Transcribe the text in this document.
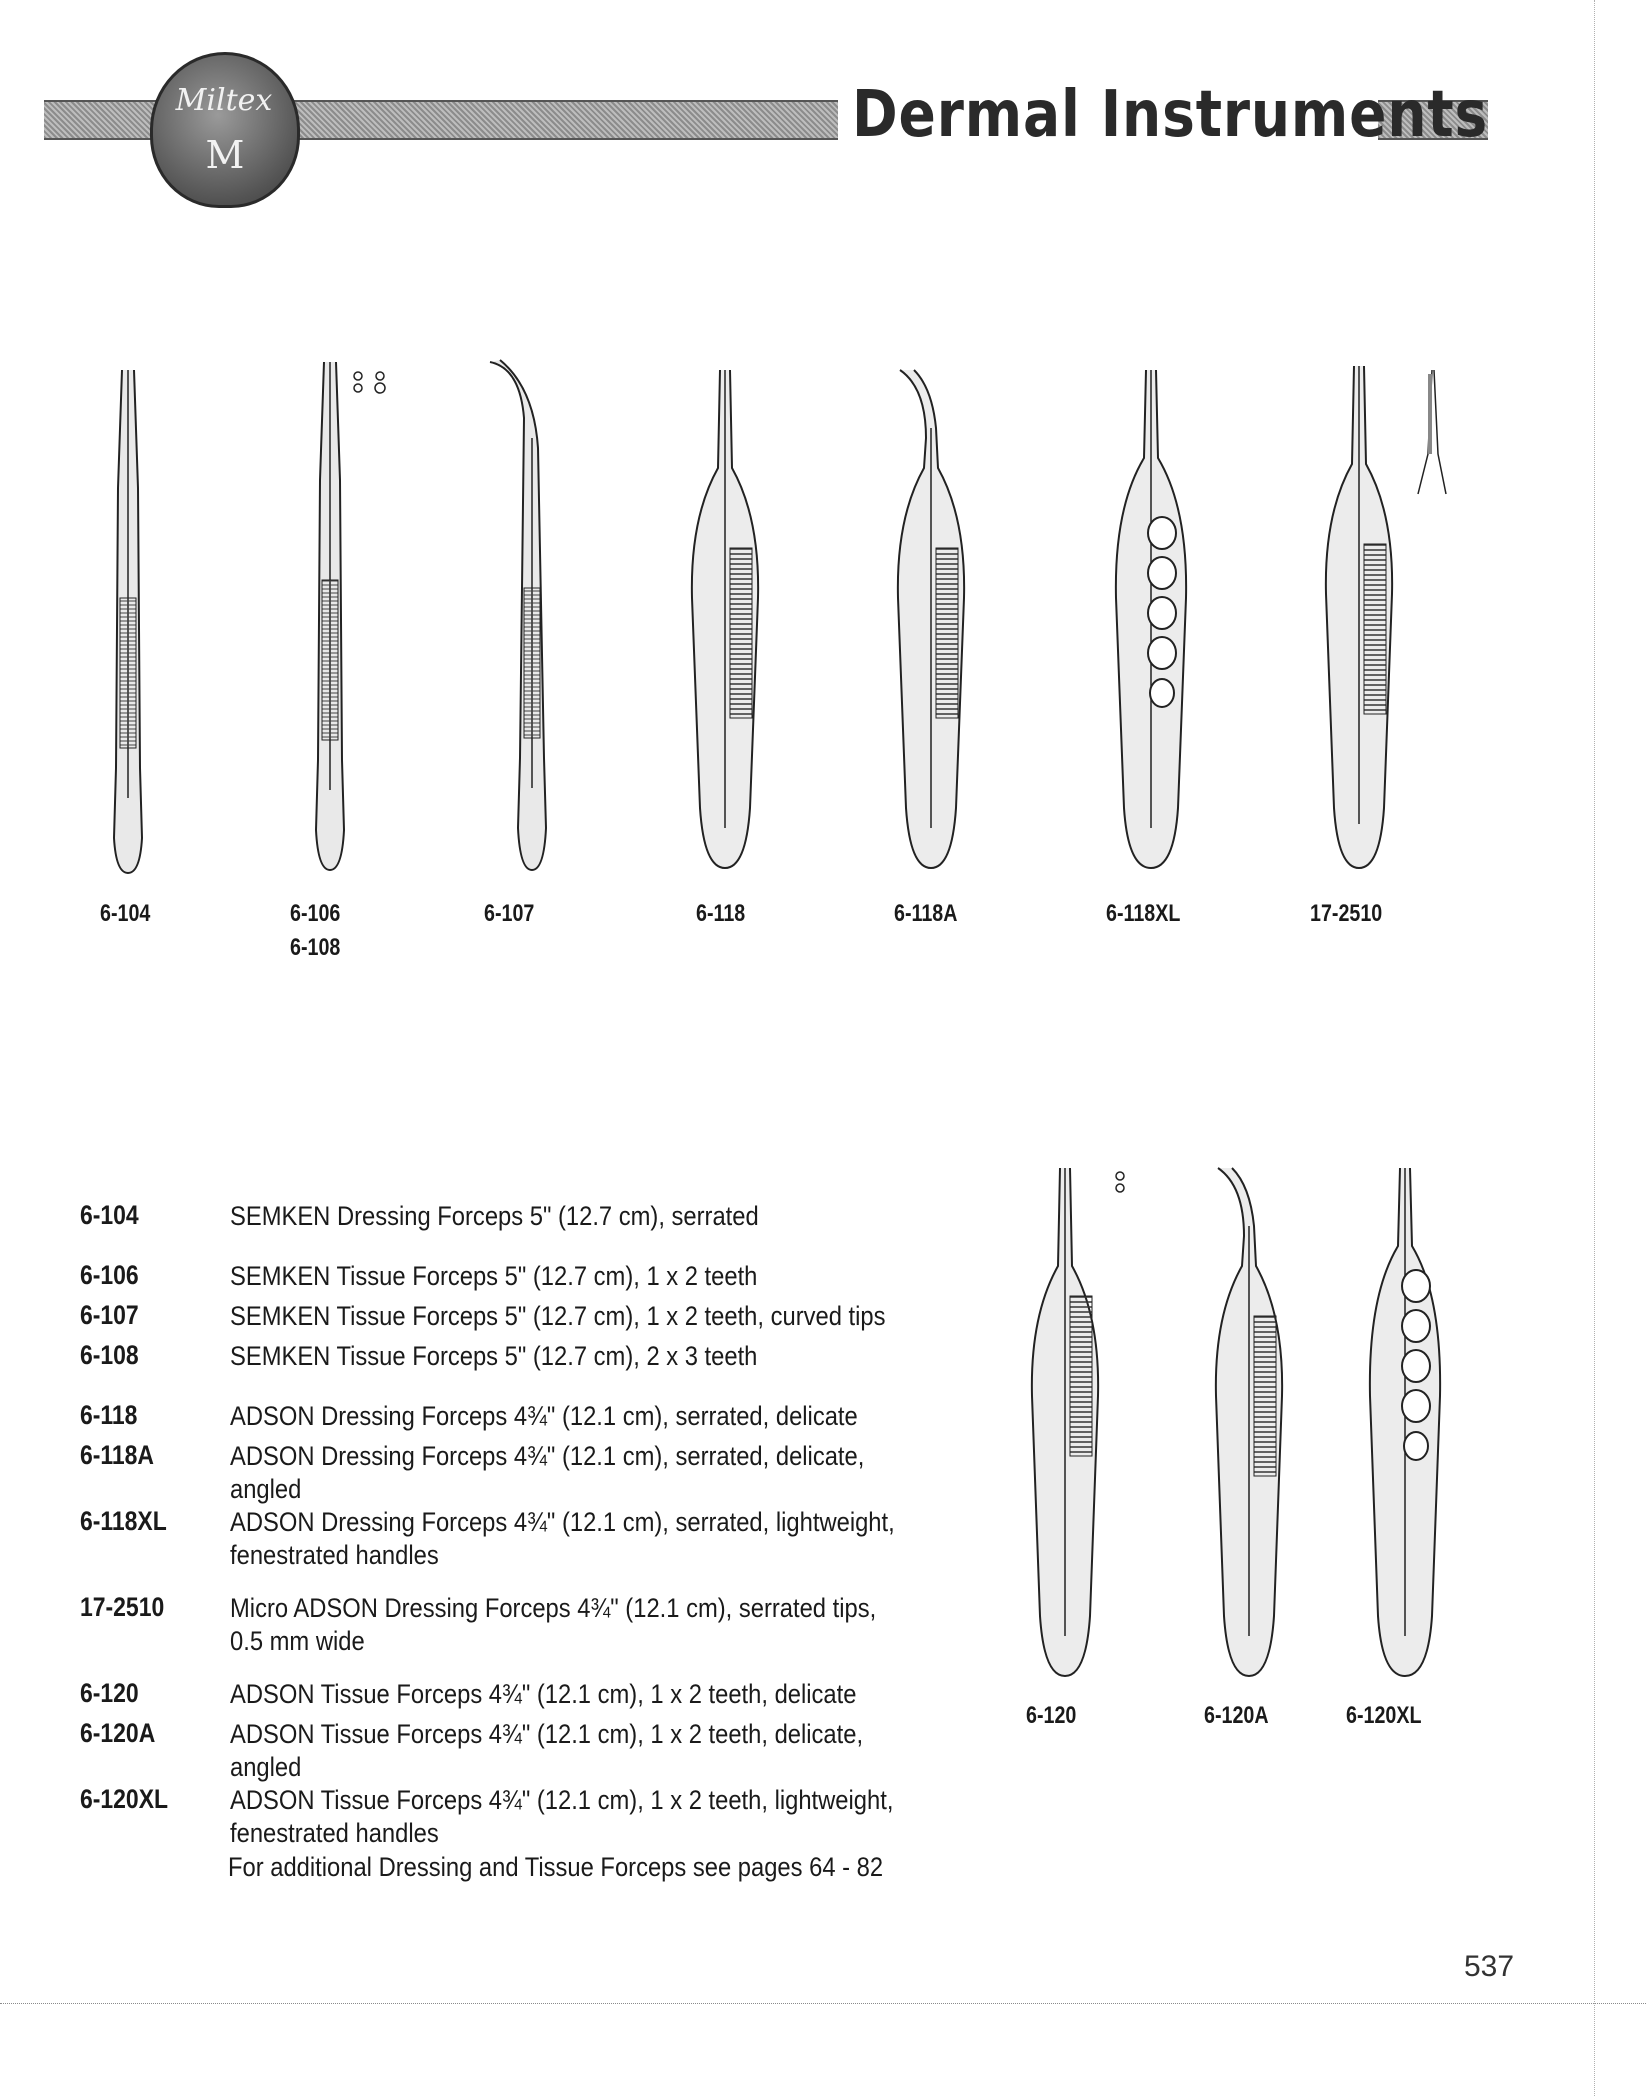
Miltex
M
Dermal Instruments
6-104	6-106
6-108
6-107	6-118	6-118A	6-118XL	17-2510
6-120	6-120A	6-120XL
6-104	SEMKEN Dressing Forceps 5" (12.7 cm), serrated
6-106	SEMKEN Tissue Forceps 5" (12.7 cm), 1 x 2 teeth
6-107	SEMKEN Tissue Forceps 5" (12.7 cm), 1 x 2 teeth, curved tips
6-108	SEMKEN Tissue Forceps 5" (12.7 cm), 2 x 3 teeth
6-118	ADSON Dressing Forceps 4¾" (12.1 cm), serrated, delicate
6-118A	ADSON Dressing Forceps 4¾" (12.1 cm), serrated, delicate, angled
6-118XL ADSON Dressing Forceps 4¾" (12.1 cm), serrated, lightweight,
fenestrated handles
17-2510 Micro ADSON Dressing Forceps 4¾" (12.1 cm), serrated tips,
0.5 mm wide
6-120	ADSON Tissue Forceps 4¾" (12.1 cm), 1 x 2 teeth, delicate
6-120A	ADSON Tissue Forceps 4¾" (12.1 cm), 1 x 2 teeth, delicate, angled
6-120XL ADSON Tissue Forceps 4¾" (12.1 cm), 1 x 2 teeth, lightweight,
fenestrated handles
For additional Dressing and Tissue Forceps see pages 64 - 82
537
